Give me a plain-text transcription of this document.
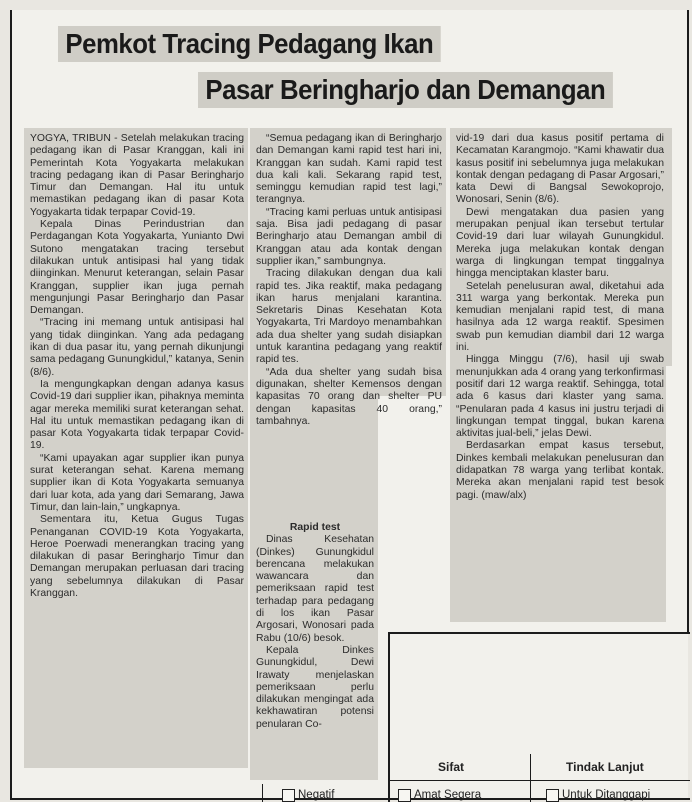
Pemkot Tracing Pedagang Ikan
Pasar Beringharjo dan Demangan

YOGYA, TRIBUN - Setelah melakukan tracing pedagang ikan di Pasar Kranggan, kali ini Pemerintah Kota Yogyakarta melakukan tracing pedagang ikan di Pasar Beringharjo Timur dan Demangan. Hal itu untuk memastikan pedagang ikan di pasar Kota Yogyakarta tidak terpapar Covid-19.

Kepala Dinas Perindustrian dan Perdagangan Kota Yogyakarta, Yunianto Dwi Sutono mengatakan tracing tersebut dilakukan untuk antisipasi hal yang tidak diinginkan. Menurut keterangan, selain Pasar Kranggan, supplier ikan juga pernah mengunjungi Pasar Beringharjo dan Pasar Demangan.

“Tracing ini memang untuk antisipasi hal yang tidak diinginkan. Yang ada pedagang ikan di dua pasar itu, yang pernah dikunjungi sama pedagang Gunungkidul,” katanya, Senin (8/6).

Ia mengungkapkan dengan adanya kasus Covid-19 dari supplier ikan, pihaknya meminta agar mereka memiliki surat keterangan sehat. Hal itu untuk memastikan pedagang ikan di pasar Kota Yogyakarta tidak terpapar Covid-19.

“Kami upayakan agar supplier ikan punya surat keterangan sehat. Karena memang supplier ikan di Kota Yogyakarta semuanya dari luar kota, ada yang dari Semarang, Jawa Timur, dan lain-lain,” ungkapnya.

Sementara itu, Ketua Gugus Tugas Penanganan COVID-19 Kota Yogyakarta, Heroe Poerwadi menerangkan tracing yang dilakukan di pasar Beringharjo Timur dan Demangan merupakan perluasan dari tracing yang sebelumnya dilakukan di Pasar Kranggan.

“Semua pedagang ikan di Beringharjo dan Demangan kami rapid test hari ini, Kranggan kan sudah. Kami rapid test dua kali kali. Sekarang rapid test, seminggu kemudian rapid test lagi,” terangnya.

“Tracing kami perluas untuk antisipasi saja. Bisa jadi pedagang di pasar Beringharjo atau Demangan ambil di Kranggan atau ada kontak dengan supplier ikan,” sambungnya.

Tracing dilakukan dengan dua kali rapid tes. Jika reaktif, maka pedagang ikan harus menjalani karantina. Sekretaris Dinas Kesehatan Kota Yogyakarta, Tri Mardoyo menambahkan ada dua shelter yang sudah disiapkan untuk karantina pedagang yang reaktif rapid tes.

“Ada dua shelter yang sudah bisa digunakan, shelter Kemensos dengan kapasitas 70 orang dan shelter PU dengan kapasitas 40 orang,” tambahnya.

Rapid test

Dinas Kesehatan (Dinkes) Gunungkidul berencana melakukan wawancara dan pemeriksaan rapid test terhadap para pedagang di los ikan Pasar Argosari, Wonosari pada Rabu (10/6) besok.

Kepala Dinkes Gunungkidul, Dewi Irawaty menjelaskan pemeriksaan perlu dilakukan mengingat ada kekhawatiran potensi penularan Co-

vid-19 dari dua kasus positif pertama di Kecamatan Karangmojo. “Kami khawatir dua kasus positif ini sebelumnya juga melakukan kontak dengan pedagang di Pasar Argosari,” kata Dewi di Bangsal Sewokoprojo, Wonosari, Senin (8/6).

Dewi mengatakan dua pasien yang merupakan penjual ikan tersebut tertular Covid-19 dari luar wilayah Gunungkidul. Mereka juga melakukan kontak dengan warga di lingkungan tempat tinggalnya hingga menciptakan klaster baru.

Setelah penelusuran awal, diketahui ada 311 warga yang berkontak. Mereka pun kemudian menjalani rapid test, di mana hasilnya ada 12 warga reaktif. Spesimen swab pun kemudian diambil dari 12 warga ini.

Hingga Minggu (7/6), hasil uji swab menunjukkan ada 4 orang yang terkonfirmasi positif dari 12 warga reaktif. Sehingga, total ada 6 kasus dari klaster yang sama. “Penularan pada 4 kasus ini justru terjadi di lingkungan tempat tinggal, bukan karena aktivitas jual-beli,” jelas Dewi.

Berdasarkan empat kasus tersebut, Dinkes kembali melakukan penelusuran dan didapatkan 78 warga yang terlibat kontak. Mereka akan menjalani rapid test besok pagi. (maw/alx)

Sifat	Tindak Lanjut
Negatif	Amat Segera	Untuk Ditanggapi
